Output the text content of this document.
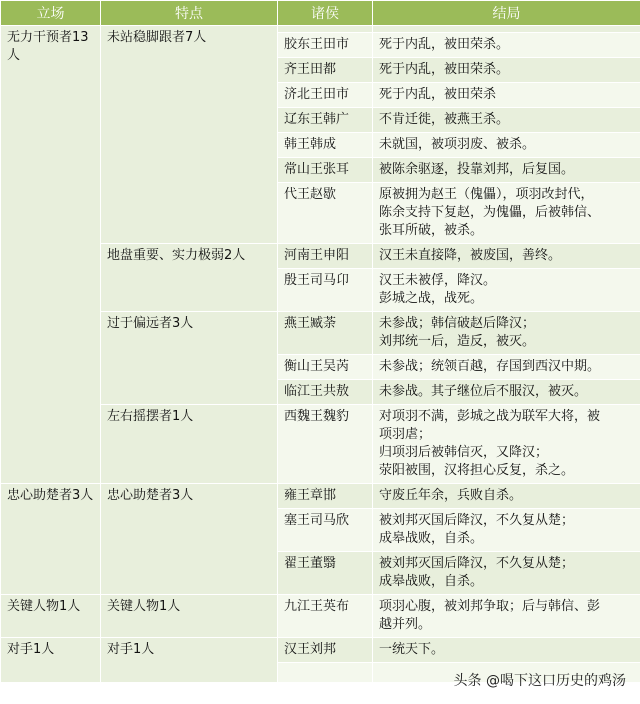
立场	特点	诸侯	结局	
无力干预者13人	未站稳脚跟者7人			
		胶东王田市	死于内乱，被田荣杀。	

		齐王田都	死于内乱，被田荣杀。	

		济北王田市	死于内乱，被田荣杀	

		辽东王韩广	不肯迁徙，被燕王杀。	

		韩王韩成	未就国，被项羽废、被杀。	

		常山王张耳	被陈余驱逐，投靠刘邦，后复国。	

		代王赵歇	原被拥为赵王（傀儡），项羽改封代，
陈余支持下复赵，为傀儡，后被韩信、
张耳所破，被杀。	

	地盘重要、实力极弱2人	河南王申阳	汉王未直接降，被废国，善终。	

		殷王司马卬	汉王未被俘，降汉。
彭城之战，战死。	

	过于偏远者3人	燕王臧荼	未参战；韩信破赵后降汉；
刘邦统一后，造反，被灭。	

		衡山王吴芮	未参战；统领百越，存国到西汉中期。	

		临江王共敖	未参战。其子继位后不服汉，被灭。	

	左右摇摆者1人	西魏王魏豹	对项羽不满，彭城之战为联军大将，被
项羽虐；
归项羽后被韩信灭，又降汉；
荥阳被围，汉将担心反复，杀之。	

忠心助楚者3人	忠心助楚者3人	雍王章邯	守废丘年余，兵败自杀。	

		塞王司马欣	被刘邦灭国后降汉，不久复从楚；
成皋战败，自杀。	

		翟王董翳	被刘邦灭国后降汉，不久复从楚；
成皋战败，自杀。	

关键人物1人	关键人物1人	九江王英布	项羽心腹，被刘邦争取；后与韩信、彭
越并列。	

对手1人	对手1人	汉王刘邦	一统天下。	

头条 @喝下这口历史的鸡汤
